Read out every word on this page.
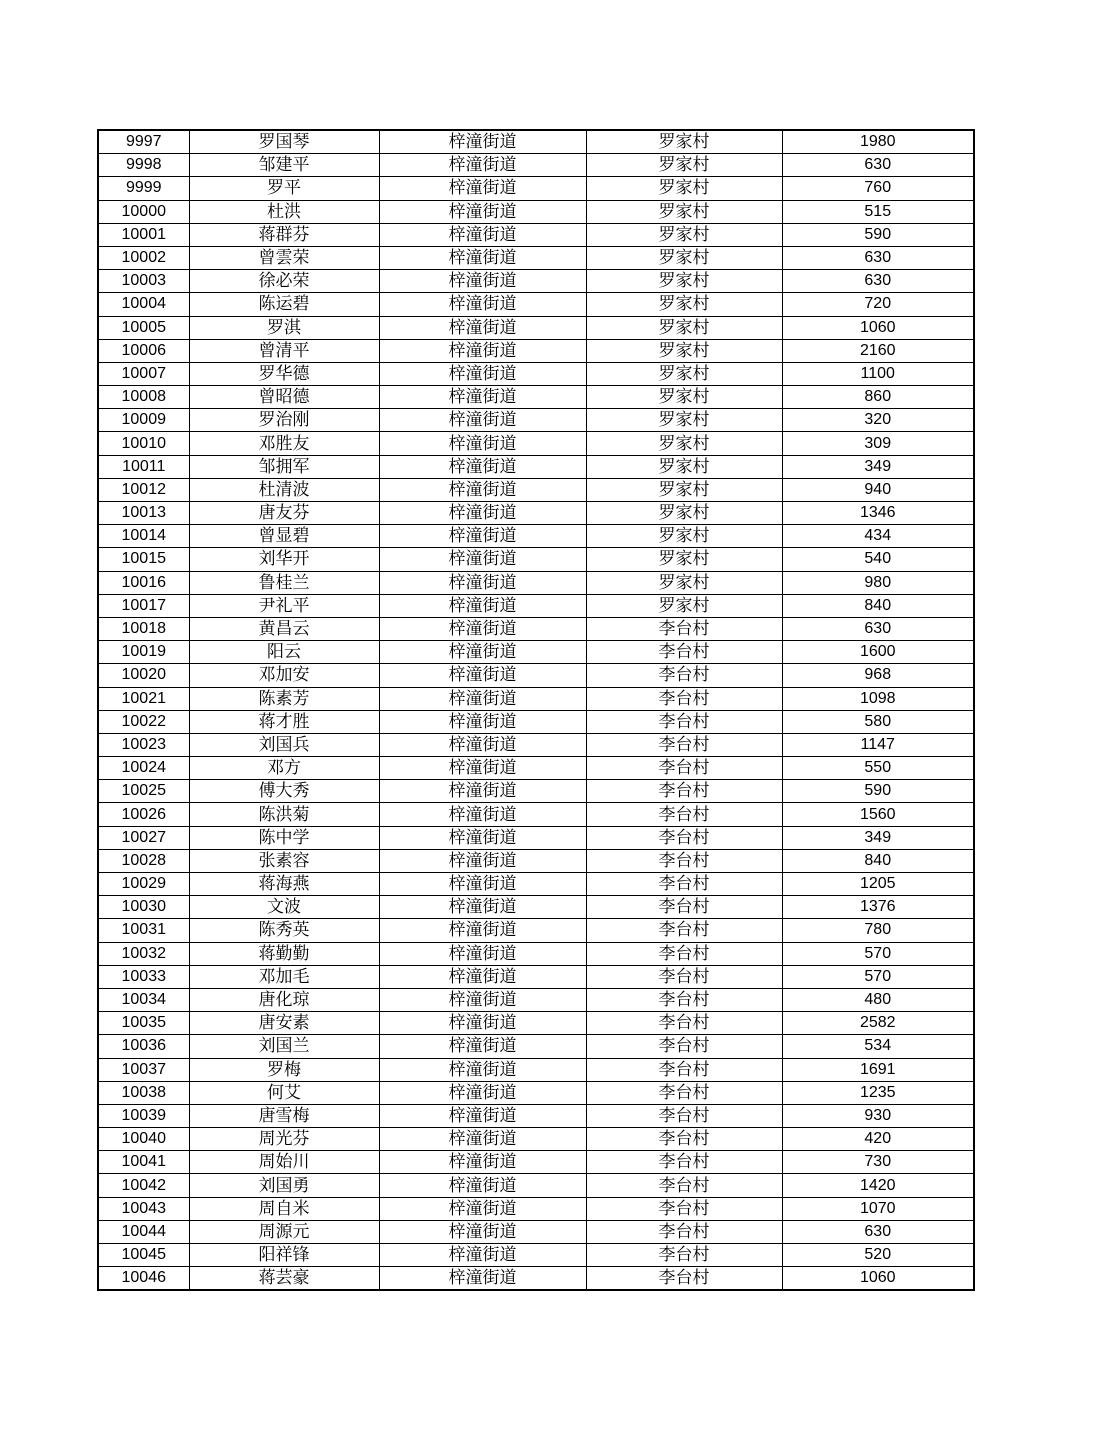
9997	罗国琴	梓潼街道	罗家村	1980
9998	邹建平	梓潼街道	罗家村	630
9999	罗平	梓潼街道	罗家村	760
10000	杜洪	梓潼街道	罗家村	515
10001	蒋群芬	梓潼街道	罗家村	590
10002	曾雲荣	梓潼街道	罗家村	630
10003	徐必荣	梓潼街道	罗家村	630
10004	陈运碧	梓潼街道	罗家村	720
10005	罗淇	梓潼街道	罗家村	1060
10006	曾清平	梓潼街道	罗家村	2160
10007	罗华德	梓潼街道	罗家村	1100
10008	曾昭德	梓潼街道	罗家村	860
10009	罗治刚	梓潼街道	罗家村	320
10010	邓胜友	梓潼街道	罗家村	309
10011	邹拥军	梓潼街道	罗家村	349
10012	杜清波	梓潼街道	罗家村	940
10013	唐友芬	梓潼街道	罗家村	1346
10014	曾显碧	梓潼街道	罗家村	434
10015	刘华开	梓潼街道	罗家村	540
10016	鲁桂兰	梓潼街道	罗家村	980
10017	尹礼平	梓潼街道	罗家村	840
10018	黄昌云	梓潼街道	李台村	630
10019	阳云	梓潼街道	李台村	1600
10020	邓加安	梓潼街道	李台村	968
10021	陈素芳	梓潼街道	李台村	1098
10022	蒋才胜	梓潼街道	李台村	580
10023	刘国兵	梓潼街道	李台村	1147
10024	邓方	梓潼街道	李台村	550
10025	傅大秀	梓潼街道	李台村	590
10026	陈洪菊	梓潼街道	李台村	1560
10027	陈中学	梓潼街道	李台村	349
10028	张素容	梓潼街道	李台村	840
10029	蒋海燕	梓潼街道	李台村	1205
10030	文波	梓潼街道	李台村	1376
10031	陈秀英	梓潼街道	李台村	780
10032	蒋勤勤	梓潼街道	李台村	570
10033	邓加毛	梓潼街道	李台村	570
10034	唐化琼	梓潼街道	李台村	480
10035	唐安素	梓潼街道	李台村	2582
10036	刘国兰	梓潼街道	李台村	534
10037	罗梅	梓潼街道	李台村	1691
10038	何艾	梓潼街道	李台村	1235
10039	唐雪梅	梓潼街道	李台村	930
10040	周光芬	梓潼街道	李台村	420
10041	周始川	梓潼街道	李台村	730
10042	刘国勇	梓潼街道	李台村	1420
10043	周自米	梓潼街道	李台村	1070
10044	周源元	梓潼街道	李台村	630
10045	阳祥锋	梓潼街道	李台村	520
10046	蒋芸豪	梓潼街道	李台村	1060
